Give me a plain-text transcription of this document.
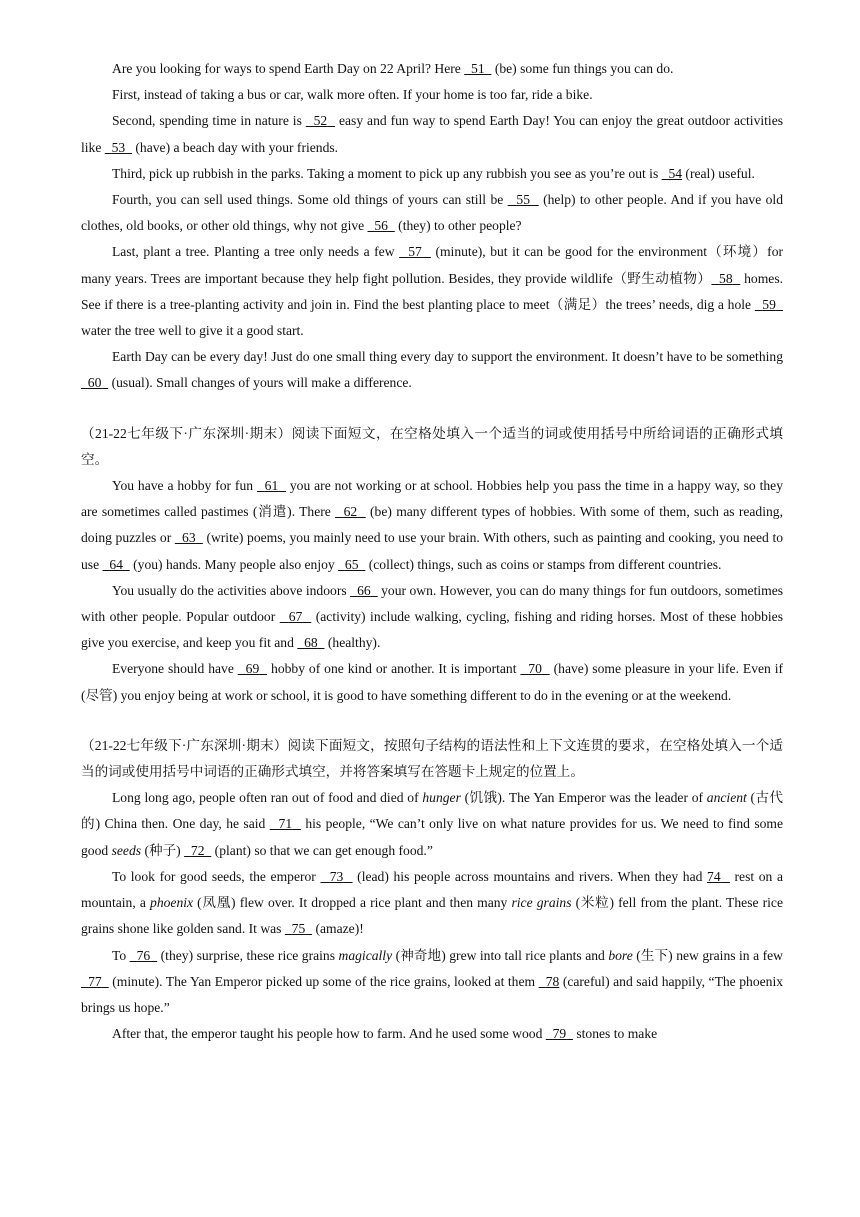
Are you looking for ways to spend Earth Day on 22 April? Here   51   (be) some fun things you can do.

First, instead of taking a bus or car, walk more often. If your home is too far, ride a bike.

Second, spending time in nature is   52   easy and fun way to spend Earth Day! You can enjoy the great outdoor activities like   53   (have) a beach day with your friends.

Third, pick up rubbish in the parks. Taking a moment to pick up any rubbish you see as you’re out is   54 (real) useful.

Fourth, you can sell used things. Some old things of yours can still be   55   (help) to other people. And if you have old clothes, old books, or other old things, why not give   56   (they) to other people?

Last, plant a tree. Planting a tree only needs a few   57   (minute), but it can be good for the environment（环境）for many years. Trees are important because they help fight pollution. Besides, they provide wildlife（野生动植物） 58   homes. See if there is a tree-planting activity and join in. Find the best planting place to meet（满足）the trees’ needs, dig a hole   59   water the tree well to give it a good start.

Earth Day can be every day! Just do one small thing every day to support the environment. It doesn’t have to be something   60   (usual). Small changes of yours will make a difference.

（21-22七年级下·广东深圳·期末）阅读下面短文，在空格处填入一个适当的词或使用括号中所给词语的正确形式填空。

You have a hobby for fun   61   you are not working or at school. Hobbies help you pass the time in a happy way, so they are sometimes called pastimes (消遣). There   62   (be) many different types of hobbies. With some of them, such as reading, doing puzzles or   63   (write) poems, you mainly need to use your brain. With others, such as painting and cooking, you need to use   64   (you) hands. Many people also enjoy   65   (collect) things, such as coins or stamps from different countries.

You usually do the activities above indoors   66   your own. However, you can do many things for fun outdoors, sometimes with other people. Popular outdoor   67   (activity) include walking, cycling, fishing and riding horses. Most of these hobbies give you exercise, and keep you fit and   68   (healthy).

Everyone should have   69   hobby of one kind or another. It is important   70   (have) some pleasure in your life. Even if (尽管) you enjoy being at work or school, it is good to have something different to do in the evening or at the weekend.

（21-22七年级下·广东深圳·期末）阅读下面短文，按照句子结构的语法性和上下文连贯的要求，在空格处填入一个适当的词或使用括号中词语的正确形式填空，并将答案填写在答题卡上规定的位置上。

Long long ago, people often ran out of food and died of hunger (饥饿). The Yan Emperor was the leader of ancient (古代的) China then. One day, he said   71   his people, “We can’t only live on what nature provides for us. We need to find some good seeds (种子)   72   (plant) so that we can get enough food.”

To look for good seeds, the emperor   73   (lead) his people across mountains and rivers. When they had 74   rest on a mountain, a phoenix (凤凰) flew over. It dropped a rice plant and then many rice grains (米粒) fell from the plant. These rice grains shone like golden sand. It was   75   (amaze)!

To   76   (they) surprise, these rice grains magically (神奇地) grew into tall rice plants and bore (生下) new grains in a few   77   (minute). The Yan Emperor picked up some of the rice grains, looked at them   78 (careful) and said happily, “The phoenix brings us hope.”

After that, the emperor taught his people how to farm. And he used some wood   79   stones to make
